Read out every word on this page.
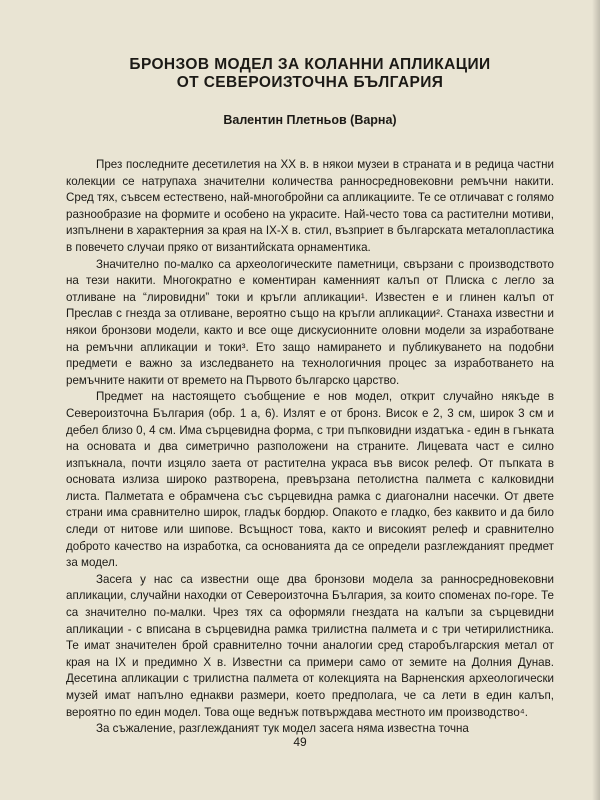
БРОНЗОВ МОДЕЛ ЗА КОЛАННИ АПЛИКАЦИИ
ОТ СЕВЕРОИЗТОЧНА БЪЛГАРИЯ
Валентин Плетньов (Варна)

През последните десетилетия на XX в. в някои музеи в страната и в редица частни колекции се натрупаха значителни количества ранносредновековни ремъчни накити. Сред тях, съвсем естествено, най-многобройни са апликациите. Те се отличават с голямо разнообразие на формите и особено на украсите. Най-често това са растителни мотиви, изпълнени в характерния за края на IX-X в. стил, възприет в българската металопластика в повечето случаи пряко от византийската орнаментика.

Значително по-малко са археологическите паметници, свързани с производството на тези накити. Многократно е коментиран каменният калъп от Плиска с легло за отливане на “лировидни” токи и кръгли апликации¹. Известен е и глинен калъп от Преслав с гнезда за отливане, вероятно също на кръгли апликации². Станаха известни и някои бронзови модели, както и все още дискусионните оловни модели за изработване на ремъчни апликации и токи³. Ето защо намирането и публикуването на подобни предмети е важно за изследването на технологичния процес за изработването на ремъчните накити от времето на Първото българско царство.

Предмет на настоящето съобщение е нов модел, открит случайно някъде в Североизточна България (обр. 1 а, 6). Излят е от бронз. Висок е 2, 3 см, широк 3 см и дебел близо 0, 4 см. Има сърцевидна форма, с три пъпковидни издатъка - един в гънката на основата и два симетрично разположени на страните. Лицевата част е силно изпъкнала, почти изцяло заета от растителна украса във висок релеф. От пъпката в основата излиза широко разтворена, превързана петолистна палмета с калковидни листа. Палметата е обрамчена със сърцевидна рамка с диагонални насечки. От двете страни има сравнително широк, гладък бордюр. Опакото е гладко, без каквито и да било следи от нитове или шипове. Всъщност това, както и високият релеф и сравнително доброто качество на изработка, са основанията да се определи разглежданият предмет за модел.

Засега у нас са известни още два бронзови модела за ранносредновековни апликации, случайни находки от Североизточна България, за които споменах по-горе. Те са значително по-малки. Чрез тях са оформяли гнездата на калъпи за сърцевидни апликации - с вписана в сърцевидна рамка трилистна палмета и с три четирилистника. Те имат значителен брой сравнително точни аналогии сред старобългарския метал от края на IX и предимно X в. Известни са примери само от земите на Долния Дунав. Десетина апликации с трилистна палмета от колекцията на Варненския археологически музей имат напълно еднакви размери, което предполага, че са лети в един калъп, вероятно по един модел. Това още веднъж потвърждава местното им производство⁴.

За съжаление, разглежданият тук модел засега няма известна точна

49
